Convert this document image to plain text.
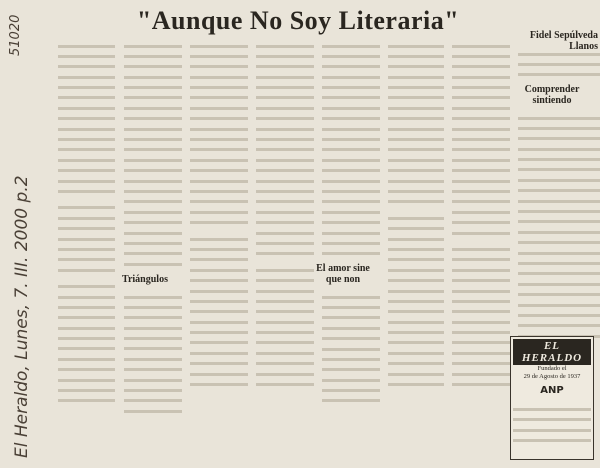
51020
El Heraldo, Lunes, 7. III. 2000 p.2
"Aunque No Soy Literaria"
Fidel Sepúlveda Llanos

Triángulos

El amor sine que non

Comprender sintiendo

EL HERALDO
Fundado el
29 de Agosto de 1937
ANP
